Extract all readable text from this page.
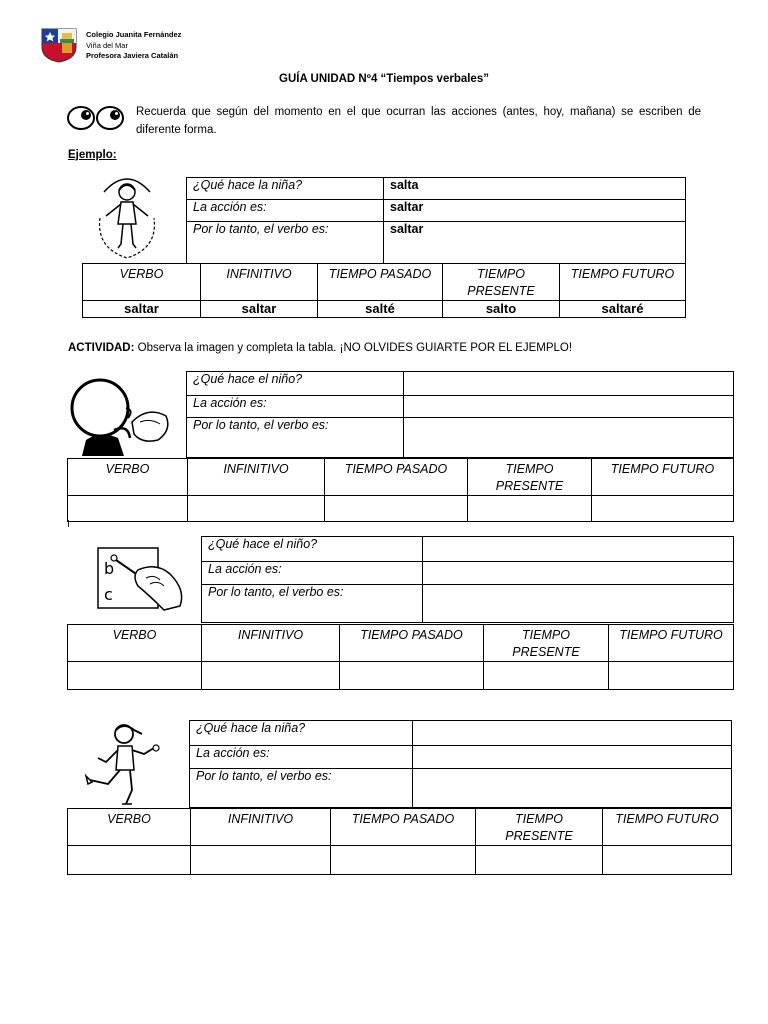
Colegio Juanita Fernández
Viña del Mar
Profesora Javiera Catalán
GUÍA UNIDAD Nº4 “Tiempos verbales”
Recuerda que según del momento en el que ocurran las acciones (antes, hoy, mañana) se escriben de diferente forma.
Ejemplo:
¿Qué hace la niña?	salta
La acción es:	saltar
Por lo tanto, el verbo es:	saltar
VERBO	INFINITIVO	TIEMPO PASADO	TIEMPO PRESENTE	TIEMPO FUTURO
saltar	saltar	salté	salto	saltaré
ACTIVIDAD: Observa la imagen y completa la tabla. ¡NO OLVIDES GUIARTE POR EL EJEMPLO!
¿Qué hace el niño?	
La acción es:	
Por lo tanto, el verbo es:	
VERBO	INFINITIVO	TIEMPO PASADO	TIEMPO PRESENTE	TIEMPO FUTURO

I
b
c
¿Qué hace el niño?	
La acción es:	
Por lo tanto, el verbo es:	
VERBO	INFINITIVO	TIEMPO PASADO	TIEMPO PRESENTE	TIEMPO FUTURO

¿Qué hace la niña?	
La acción es:	
Por lo tanto, el verbo es:	
VERBO	INFINITIVO	TIEMPO PASADO	TIEMPO PRESENTE	TIEMPO FUTURO
